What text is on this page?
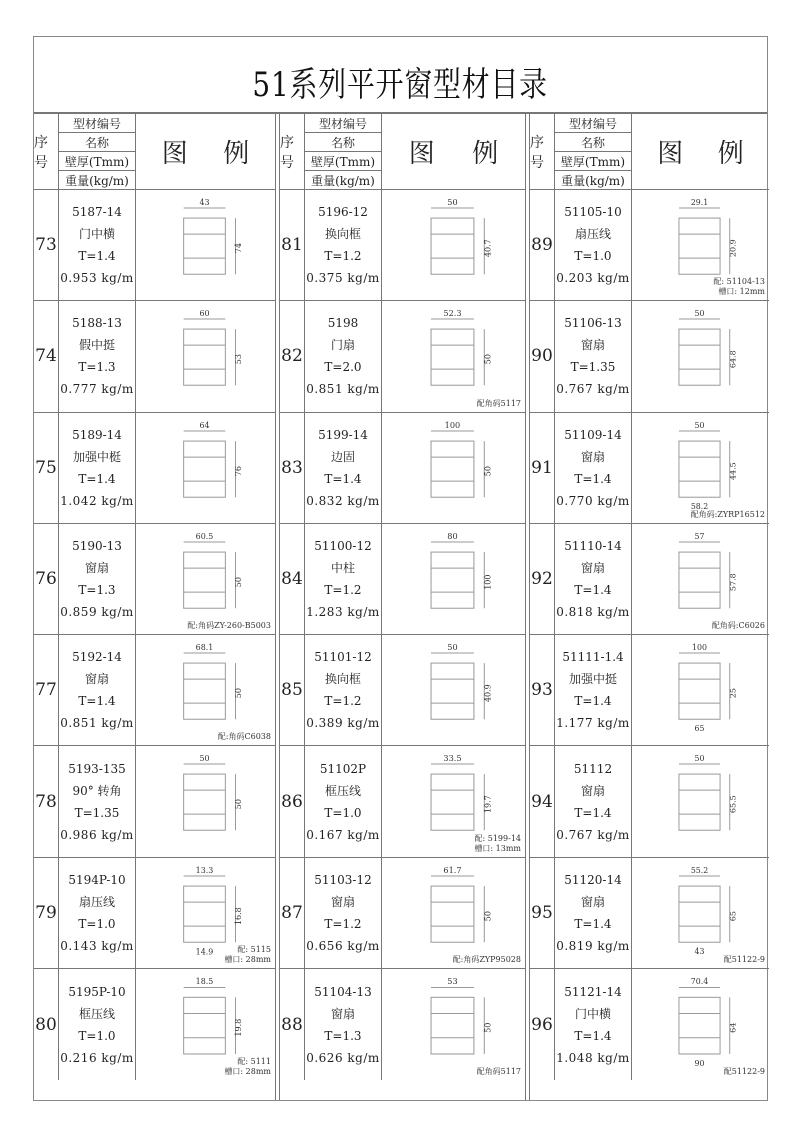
51系列平开窗型材目录
序号
型材编号
名称
壁厚(Tmm)
重量(kg/m)
图 例
73
5187-14
门中横
T=1.4
0.953 kg/m
43
74
74
5188-13
假中挺
T=1.3
0.777 kg/m
60
53
75
5189-14
加强中梃
T=1.4
1.042 kg/m
64
76
76
5190-13
窗扇
T=1.3
0.859 kg/m
60.5
50
配:角码ZY-260-B5003
77
5192-14
窗扇
T=1.4
0.851 kg/m
68.1
50
配:角码C6038
78
5193-135
90° 转角
T=1.35
0.986 kg/m
50
50
79
5194P-10
扇压线
T=1.0
0.143 kg/m
13.3
16.8
14.9	配: 5115
槽口: 28mm
80
5195P-10
框压线
T=1.0
0.216 kg/m
18.5
19.8
配: 5111
槽口: 28mm
序号
型材编号
名称
壁厚(Tmm)
重量(kg/m)
图 例
81
5196-12
换向框
T=1.2
0.375 kg/m
50
40.7
82
5198
门扇
T=2.0
0.851 kg/m
52.3
50
配角码5117
83
5199-14
边固
T=1.4
0.832 kg/m
100
50
84
51100-12
中柱
T=1.2
1.283 kg/m
80
100
85
51101-12
换向框
T=1.2
0.389 kg/m
50
40.9
86
51102P
框压线
T=1.0
0.167 kg/m
33.5
19.7
配: 5199-14
槽口: 13mm
87
51103-12
窗扇
T=1.2
0.656 kg/m
61.7
50
配:角码ZYP95028
88
51104-13
窗扇
T=1.3
0.626 kg/m
53
50
配角码5117
序号
型材编号
名称
壁厚(Tmm)
重量(kg/m)
图 例
89
51105-10
扇压线
T=1.0
0.203 kg/m
29.1
20.9
配: 51104-13
槽口: 12mm
90
51106-13
窗扇
T=1.35
0.767 kg/m
50
64.8
91
51109-14
窗扇
T=1.4
0.770 kg/m
50
44.5
58.2
配角码:ZYRP16512
92
51110-14
窗扇
T=1.4
0.818 kg/m
57
57.8
配角码:C6026
93
51111-1.4
加强中挺
T=1.4
1.177 kg/m
100
25
65
94
51112
窗扇
T=1.4
0.767 kg/m
50
65.5
95
51120-14
窗扇
T=1.4
0.819 kg/m
55.2
65
43
配51122-9
96
51121-14
门中横
T=1.4
1.048 kg/m
70.4
64
90
配51122-9
